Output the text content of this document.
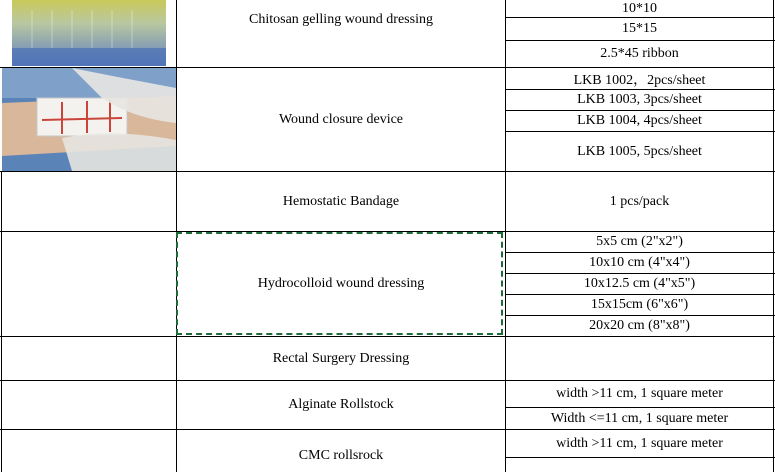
Chitosan gelling wound dressing
Wound closure device
Hemostatic Bandage
Hydrocolloid wound dressing
Rectal Surgery Dressing
Alginate Rollstock
CMC rollsrock
10*10
15*15
2.5*45 ribbon
LKB 1002，2pcs/sheet
LKB 1003, 3pcs/sheet
LKB 1004, 4pcs/sheet
LKB 1005, 5pcs/sheet
1 pcs/pack
5x5 cm (2"x2")
10x10 cm (4"x4")
10x12.5 cm (4"x5")
15x15cm (6"x6")
20x20 cm (8"x8")
width >11 cm, 1 square meter
Width <=11 cm, 1 square meter
width >11 cm, 1 square meter
